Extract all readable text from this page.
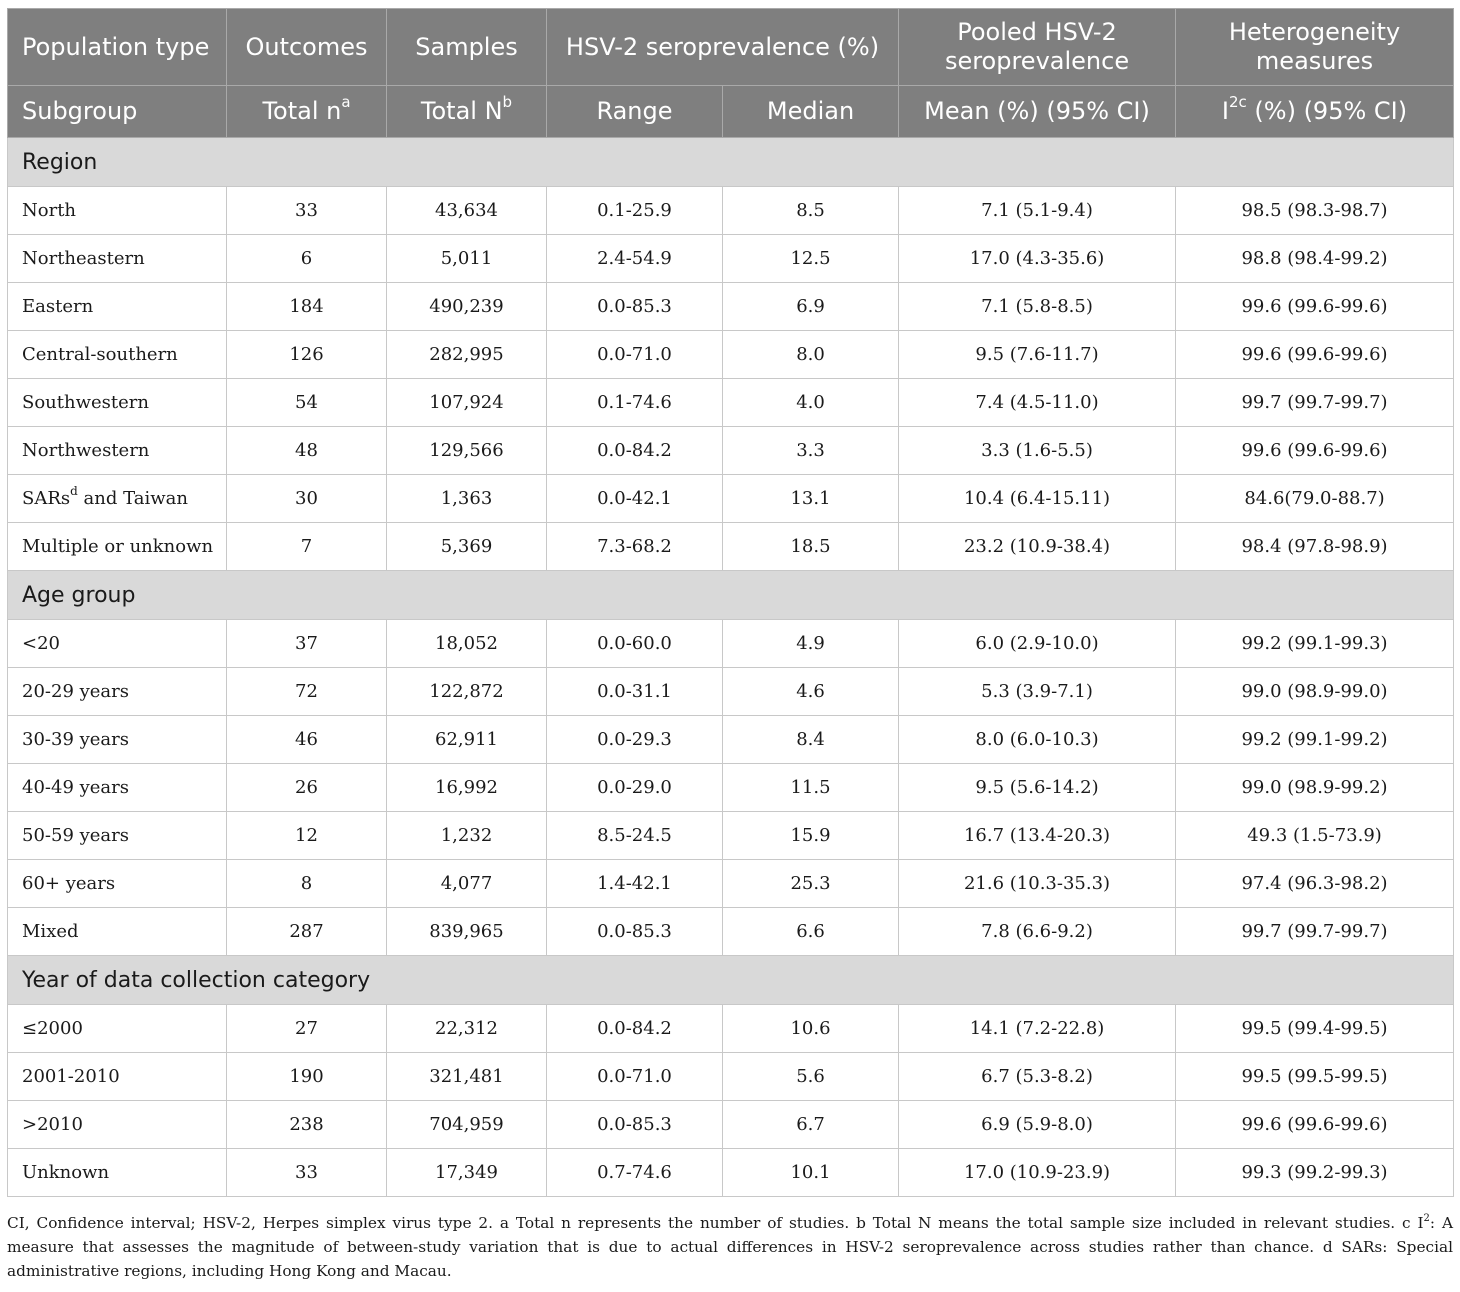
Population type	Outcomes	Samples	HSV-2 seroprevalence (%)		Pooled HSV-2 seroprevalence	Heterogeneity measures
Subgroup	Total $n^a$	Total $N^b$	Range	Median	Mean (%) (95% CI)	$I^{2c}$ (%) (95% CI)
Region						
North	33	43,634	0.1-25.9	8.5	7.1 (5.1-9.4)	98.5 (98.3-98.7)
Northeastern	6	5,011	2.4-54.9	12.5	17.0 (4.3-35.6)	98.8 (98.4-99.2)
Eastern	184	490,239	0.0-85.3	6.9	7.1 (5.8-8.5)	99.6 (99.6-99.6)
Central-southern	126	282,995	0.0-71.0	8.0	9.5 (7.6-11.7)	99.6 (99.6-99.6)
Southwestern	54	107,924	0.1-74.6	4.0	7.4 (4.5-11.0)	99.7 (99.7-99.7)
Northwestern	48	129,566	0.0-84.2	3.3	3.3 (1.6-5.5)	99.6 (99.6-99.6)
SARs$^d$ and Taiwan	30	1,363	0.0-42.1	13.1	10.4 (6.4-15.11)	84.6(79.0-88.7)
Multiple or unknown	7	5,369	7.3-68.2	18.5	23.2 (10.9-38.4)	98.4 (97.8-98.9)
Age group						
<20	37	18,052	0.0-60.0	4.9	6.0 (2.9-10.0)	99.2 (99.1-99.3)
20-29 years	72	122,872	0.0-31.1	4.6	5.3 (3.9-7.1)	99.0 (98.9-99.0)
30-39 years	46	62,911	0.0-29.3	8.4	8.0 (6.0-10.3)	99.2 (99.1-99.2)
40-49 years	26	16,992	0.0-29.0	11.5	9.5 (5.6-14.2)	99.0 (98.9-99.2)
50-59 years	12	1,232	8.5-24.5	15.9	16.7 (13.4-20.3)	49.3 (1.5-73.9)
60+ years	8	4,077	1.4-42.1	25.3	21.6 (10.3-35.3)	97.4 (96.3-98.2)
Mixed	287	839,965	0.0-85.3	6.6	7.8 (6.6-9.2)	99.7 (99.7-99.7)
Year of data collection category						
≤2000	27	22,312	0.0-84.2	10.6	14.1 (7.2-22.8)	99.5 (99.4-99.5)
2001-2010	190	321,481	0.0-71.0	5.6	6.7 (5.3-8.2)	99.5 (99.5-99.5)
>2010	238	704,959	0.0-85.3	6.7	6.9 (5.9-8.0)	99.6 (99.6-99.6)
Unknown	33	17,349	0.7-74.6	10.1	17.0 (10.9-23.9)	99.3 (99.2-99.3)
CI, Confidence interval; HSV-2, Herpes simplex virus type 2. a Total n represents the number of studies. b Total N means the total sample size included in relevant studies. c $I^2$: A measure that assesses the magnitude of between-study variation that is due to actual differences in HSV-2 seroprevalence across studies rather than chance. d SARs: Special administrative regions, including Hong Kong and Macau.
